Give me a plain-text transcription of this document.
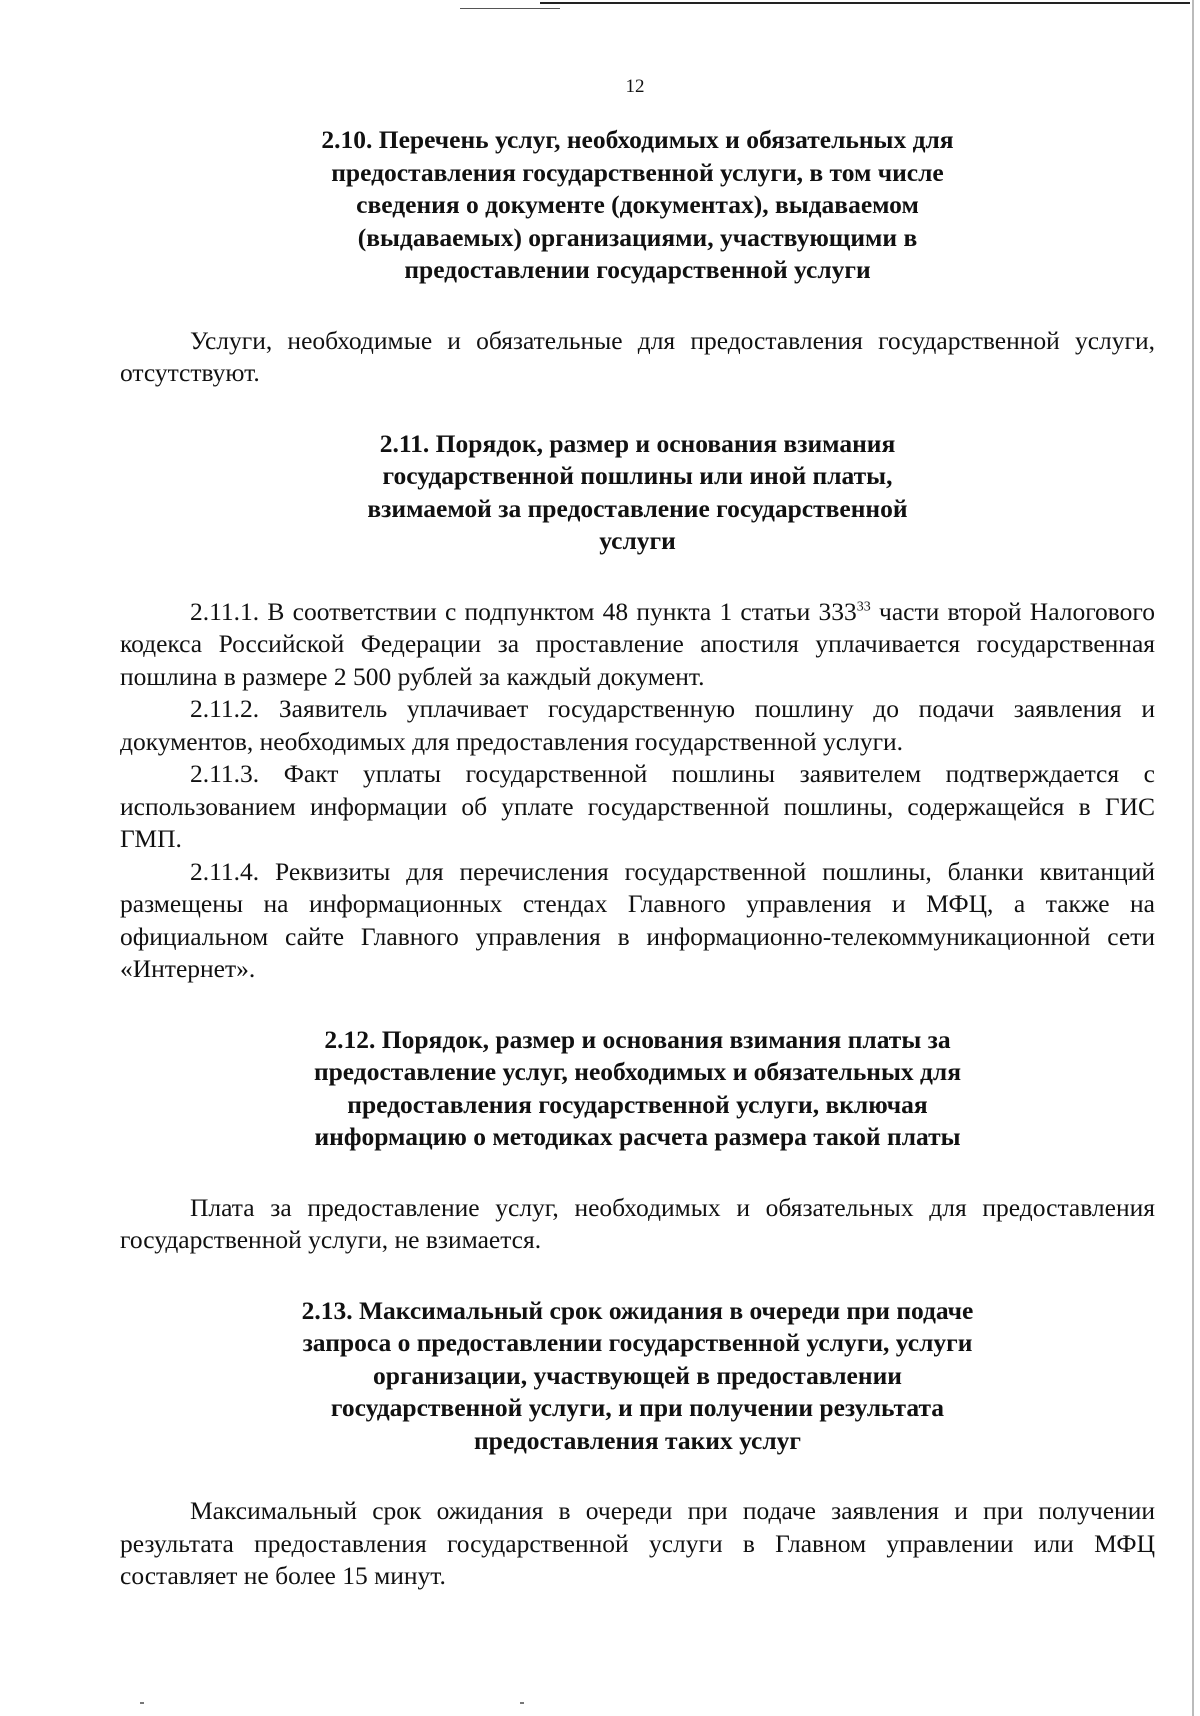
12

2.10. Перечень услуг, необходимых и обязательных для предоставления государственной услуги, в том числе сведения о документе (документах), выдаваемом (выдаваемых) организациями, участвующими в предоставлении государственной услуги

Услуги, необходимые и обязательные для предоставления государственной услуги, отсутствуют.

2.11. Порядок, размер и основания взимания государственной пошлины или иной платы, взимаемой за предоставление государственной услуги

2.11.1. В соответствии с подпунктом 48 пункта 1 статьи $333^{33}$ части второй Налогового кодекса Российской Федерации за проставление апостиля уплачивается государственная пошлина в размере 2 500 рублей за каждый документ.

2.11.2. Заявитель уплачивает государственную пошлину до подачи заявления и документов, необходимых для предоставления государственной услуги.

2.11.3. Факт уплаты государственной пошлины заявителем подтверждается с использованием информации об уплате государственной пошлины, содержащейся в ГИС ГМП.

2.11.4. Реквизиты для перечисления государственной пошлины, бланки квитанций размещены на информационных стендах Главного управления и МФЦ, а также на официальном сайте Главного управления в информационно-телекоммуникационной сети «Интернет».

2.12. Порядок, размер и основания взимания платы за предоставление услуг, необходимых и обязательных для предоставления государственной услуги, включая информацию о методиках расчета размера такой платы

Плата за предоставление услуг, необходимых и обязательных для предоставления государственной услуги, не взимается.

2.13. Максимальный срок ожидания в очереди при подаче запроса о предоставлении государственной услуги, услуги организации, участвующей в предоставлении государственной услуги, и при получении результата предоставления таких услуг

Максимальный срок ожидания в очереди при подаче заявления и при получении результата предоставления государственной услуги в Главном управлении или МФЦ составляет не более 15 минут.
